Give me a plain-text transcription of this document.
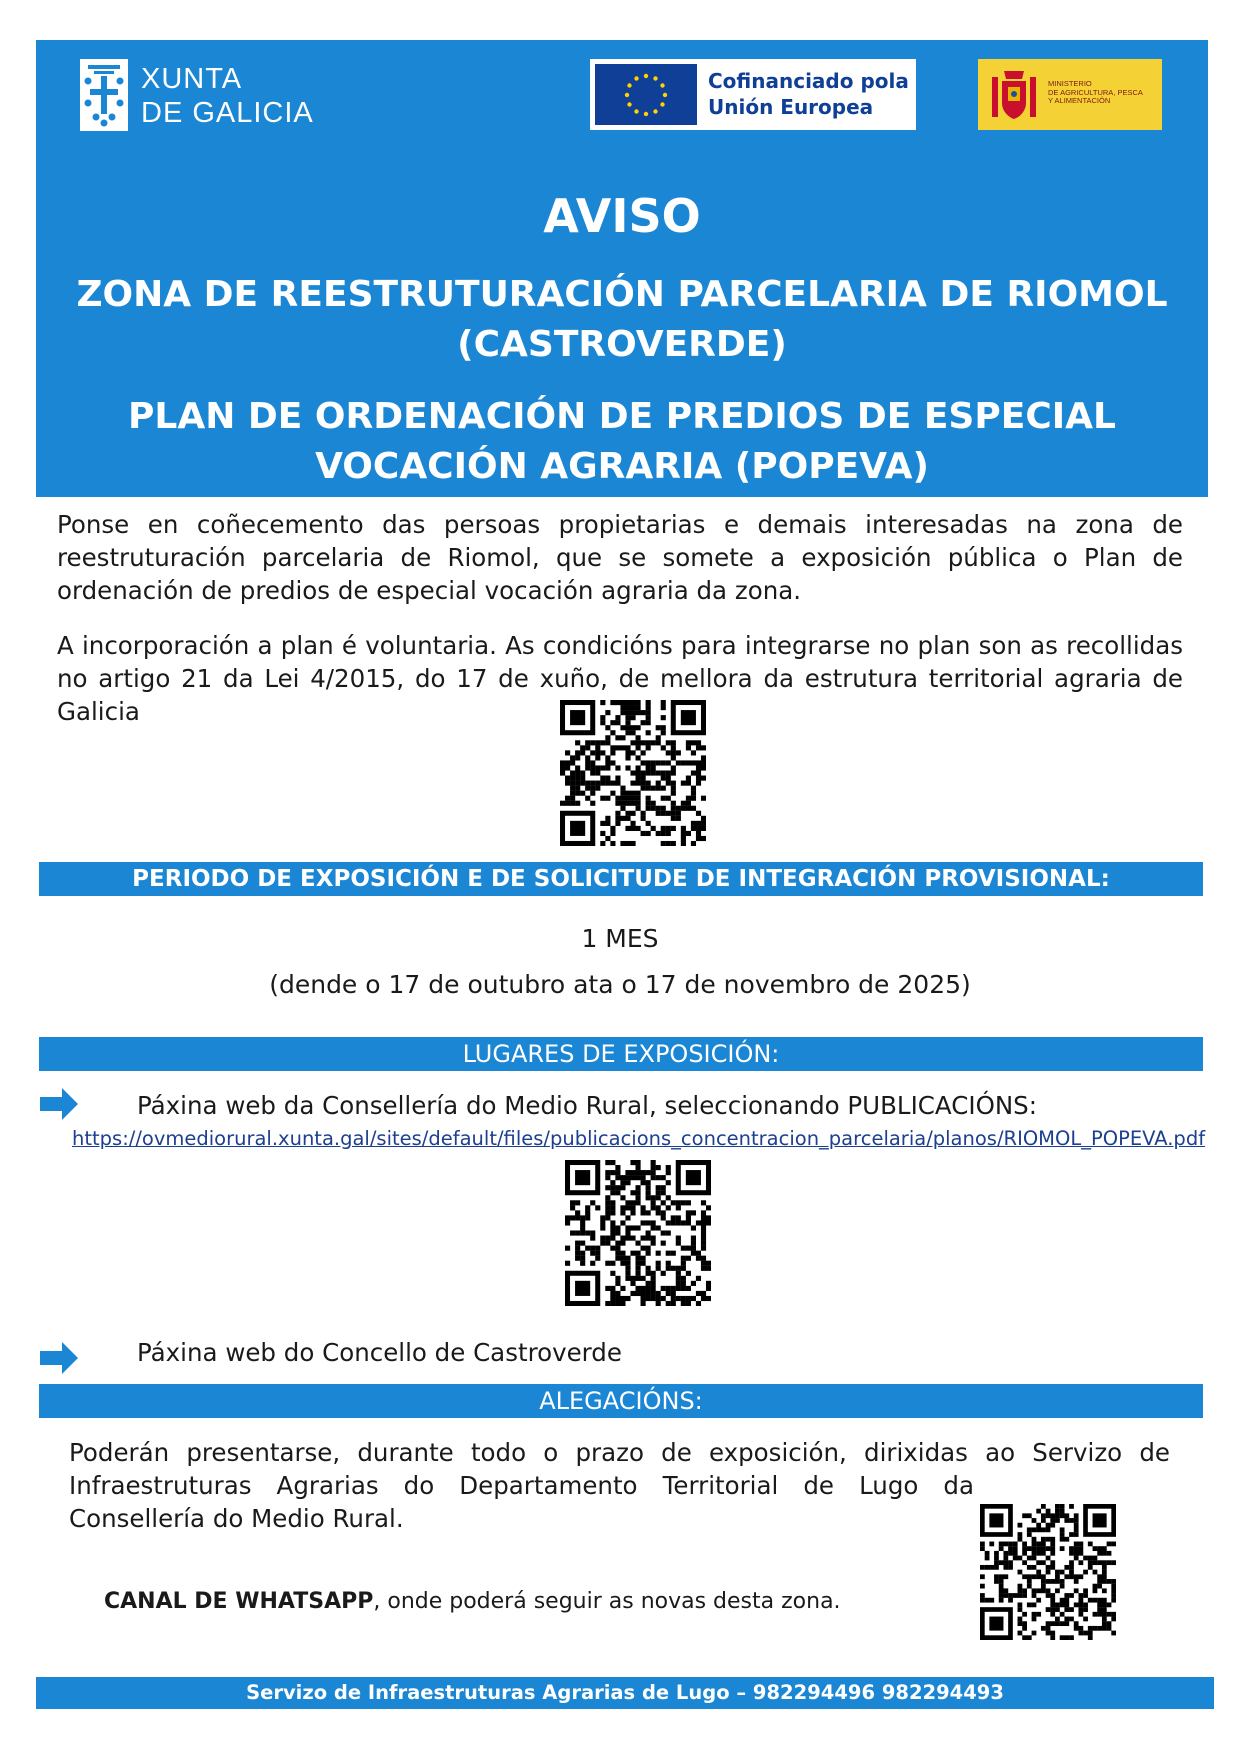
XUNTA
DE GALICIA
Cofinanciado pola
Unión Europea
MINISTERIO
DE AGRICULTURA, PESCA
Y ALIMENTACIÓN
AVISO
ZONA DE REESTRUTURACIÓN PARCELARIA DE RIOMOL
(CASTROVERDE)
PLAN DE ORDENACIÓN DE PREDIOS DE ESPECIAL
VOCACIÓN AGRARIA (POPEVA)
Ponse en coñecemento das persoas propietarias e demais interesadas na zona de reestruturación parcelaria de Riomol, que se somete a exposición pública o Plan de ordenación de predios de especial vocación agraria da zona.
A incorporación a plan é voluntaria. As condicións para integrarse no plan son as recollidas no artigo 21 da Lei 4/2015, do 17 de xuño, de mellora da estrutura territorial agraria de Galicia
PERIODO DE EXPOSICIÓN E DE SOLICITUDE DE INTEGRACIÓN PROVISIONAL:
1 MES
(dende o 17 de outubro ata o 17 de novembro de 2025)
LUGARES DE EXPOSICIÓN:
Páxina web da Consellería do Medio Rural, seleccionando PUBLICACIÓNS:
https://ovmediorural.xunta.gal/sites/default/files/publicacions_concentracion_parcelaria/planos/RIOMOL_POPEVA.pdf
Páxina web do Concello de Castroverde
ALEGACIÓNS:
Poderán presentarse, durante todo o prazo de exposición, dirixidas ao Servizo de
Infraestruturas Agrarias do Departamento Territorial de Lugo da
Consellería do Medio Rural.
CANAL DE WHATSAPP, onde poderá seguir as novas desta zona.
Servizo de Infraestruturas Agrarias de Lugo – 982294496 982294493
